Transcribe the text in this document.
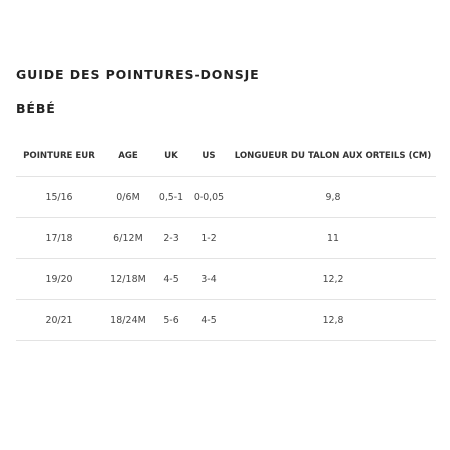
GUIDE DES POINTURES-DONSJE
BÉBÉ
POINTURE EUR	AGE	UK	US	LONGUEUR DU TALON AUX ORTEILS (CM)
15/16	0/6M	0,5-1	0-0,05	9,8
17/18	6/12M	2-3	1-2	11
19/20	12/18M	4-5	3-4	12,2
20/21	18/24M	5-6	4-5	12,8
